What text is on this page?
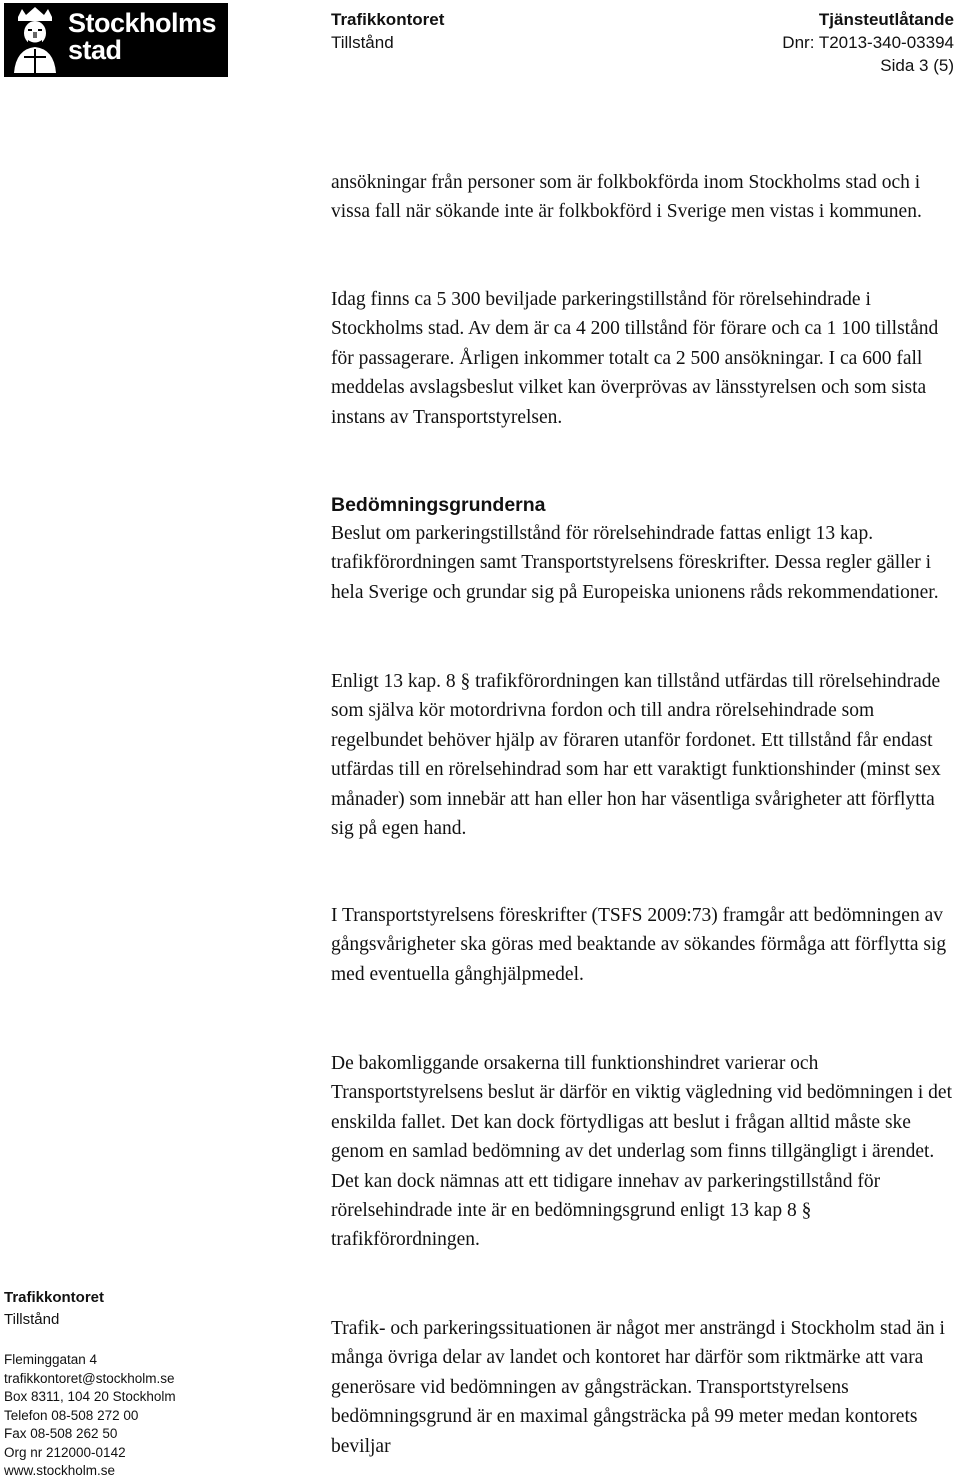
Stockholms
stad
Trafikkontoret
Tillstånd
Tjänsteutlåtande
Dnr: T2013-340-03394
Sida 3 (5)
ansökningar från personer som är folkbokförda inom Stockholms stad och i vissa fall när sökande inte är folkbokförd i Sverige men vistas i kommunen.
Idag finns ca 5 300 beviljade parkeringstillstånd för rörelsehindrade i Stockholms stad. Av dem är ca 4 200 tillstånd för förare och ca 1 100 tillstånd för passagerare. Årligen inkommer totalt ca 2 500 ansökningar. I ca 600 fall meddelas avslagsbeslut vilket kan överprövas av länsstyrelsen och som sista instans av Transportstyrelsen.
Bedömningsgrunderna
Beslut om parkeringstillstånd för rörelsehindrade fattas enligt 13 kap. trafikförordningen samt Transportstyrelsens föreskrifter. Dessa regler gäller i hela Sverige och grundar sig på Europeiska unionens råds rekommendationer.
Enligt 13 kap. 8 § trafikförordningen kan tillstånd utfärdas till rörelsehindrade som själva kör motordrivna fordon och till andra rörelsehindrade som regelbundet behöver hjälp av föraren utanför fordonet. Ett tillstånd får endast utfärdas till en rörelsehindrad som har ett varaktigt funktionshinder (minst sex månader) som innebär att han eller hon har väsentliga svårigheter att förflytta sig på egen hand.
I Transportstyrelsens föreskrifter (TSFS 2009:73) framgår att bedömningen av gångsvårigheter ska göras med beaktande av sökandes förmåga att förflytta sig med eventuella gånghjälpmedel.
De bakomliggande orsakerna till funktionshindret varierar och Transportstyrelsens beslut är därför en viktig vägledning vid bedömningen i det enskilda fallet. Det kan dock förtydligas att beslut i frågan alltid måste ske genom en samlad bedömning av det underlag som finns tillgängligt i ärendet. Det kan dock nämnas att ett tidigare innehav av parkeringstillstånd för rörelsehindrade inte är en bedömningsgrund enligt 13 kap 8 § trafikförordningen.
Trafik- och parkeringssituationen är något mer ansträngd i Stockholm stad än i många övriga delar av landet och kontoret har därför som riktmärke att vara generösare vid bedömningen av gångsträckan. Transportstyrelsens bedömningsgrund är en maximal gångsträcka på 99 meter medan kontorets beviljar
Trafikkontoret
Tillstånd
Fleminggatan 4
trafikkontoret@stockholm.se
Box 8311, 104 20 Stockholm
Telefon 08-508 272 00
Fax 08-508 262 50
Org nr 212000-0142
www.stockholm.se
